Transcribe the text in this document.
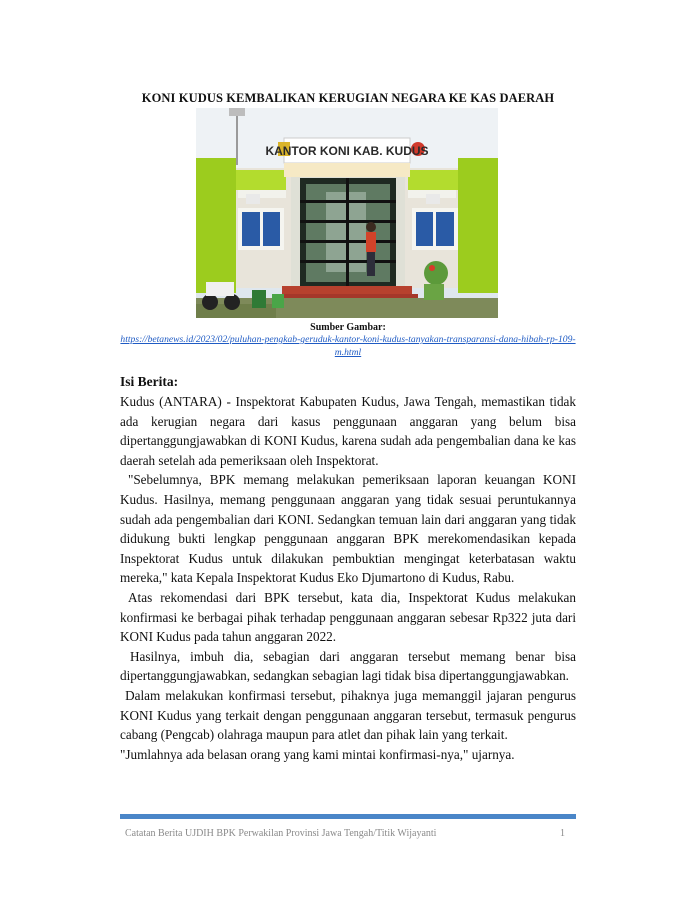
KONI KUDUS KEMBALIKAN KERUGIAN NEGARA KE KAS DAERAH
KANTOR KONI KAB. KUDUS
Sumber Gambar:
https://betanews.id/2023/02/puluhan-pengkab-geruduk-kantor-koni-kudus-tanyakan-transparansi-dana-hibah-rp-109-m.html
Isi Berita:

Kudus (ANTARA) - Inspektorat Kabupaten Kudus, Jawa Tengah, memastikan tidak ada kerugian negara dari kasus penggunaan anggaran yang belum bisa dipertanggungjawabkan di KONI Kudus, karena sudah ada pengembalian dana ke kas daerah setelah ada pemeriksaan oleh Inspektorat.

"Sebelumnya, BPK memang melakukan pemeriksaan laporan keuangan KONI Kudus. Hasilnya, memang penggunaan anggaran yang tidak sesuai peruntukannya sudah ada pengembalian dari KONI. Sedangkan temuan lain dari anggaran yang tidak didukung bukti lengkap penggunaan anggaran BPK merekomendasikan kepada Inspektorat Kudus untuk dilakukan pembuktian mengingat keterbatasan waktu mereka," kata Kepala Inspektorat Kudus Eko Djumartono di Kudus, Rabu.

Atas rekomendasi dari BPK tersebut, kata dia, Inspektorat Kudus melakukan konfirmasi ke berbagai pihak terhadap penggunaan anggaran sebesar Rp322 juta dari KONI Kudus pada tahun anggaran 2022.

Hasilnya, imbuh dia, sebagian dari anggaran tersebut memang benar bisa dipertanggungjawabkan, sedangkan sebagian lagi tidak bisa dipertanggungjawabkan.

Dalam melakukan konfirmasi tersebut, pihaknya juga memanggil jajaran pengurus KONI Kudus yang terkait dengan penggunaan anggaran tersebut, termasuk pengurus cabang (Pengcab) olahraga maupun para atlet dan pihak lain yang terkait.

"Jumlahnya ada belasan orang yang kami mintai konfirmasi-nya," ujarnya.

Catatan Berita UJDIH BPK Perwakilan Provinsi Jawa Tengah/Titik Wijayanti	1
